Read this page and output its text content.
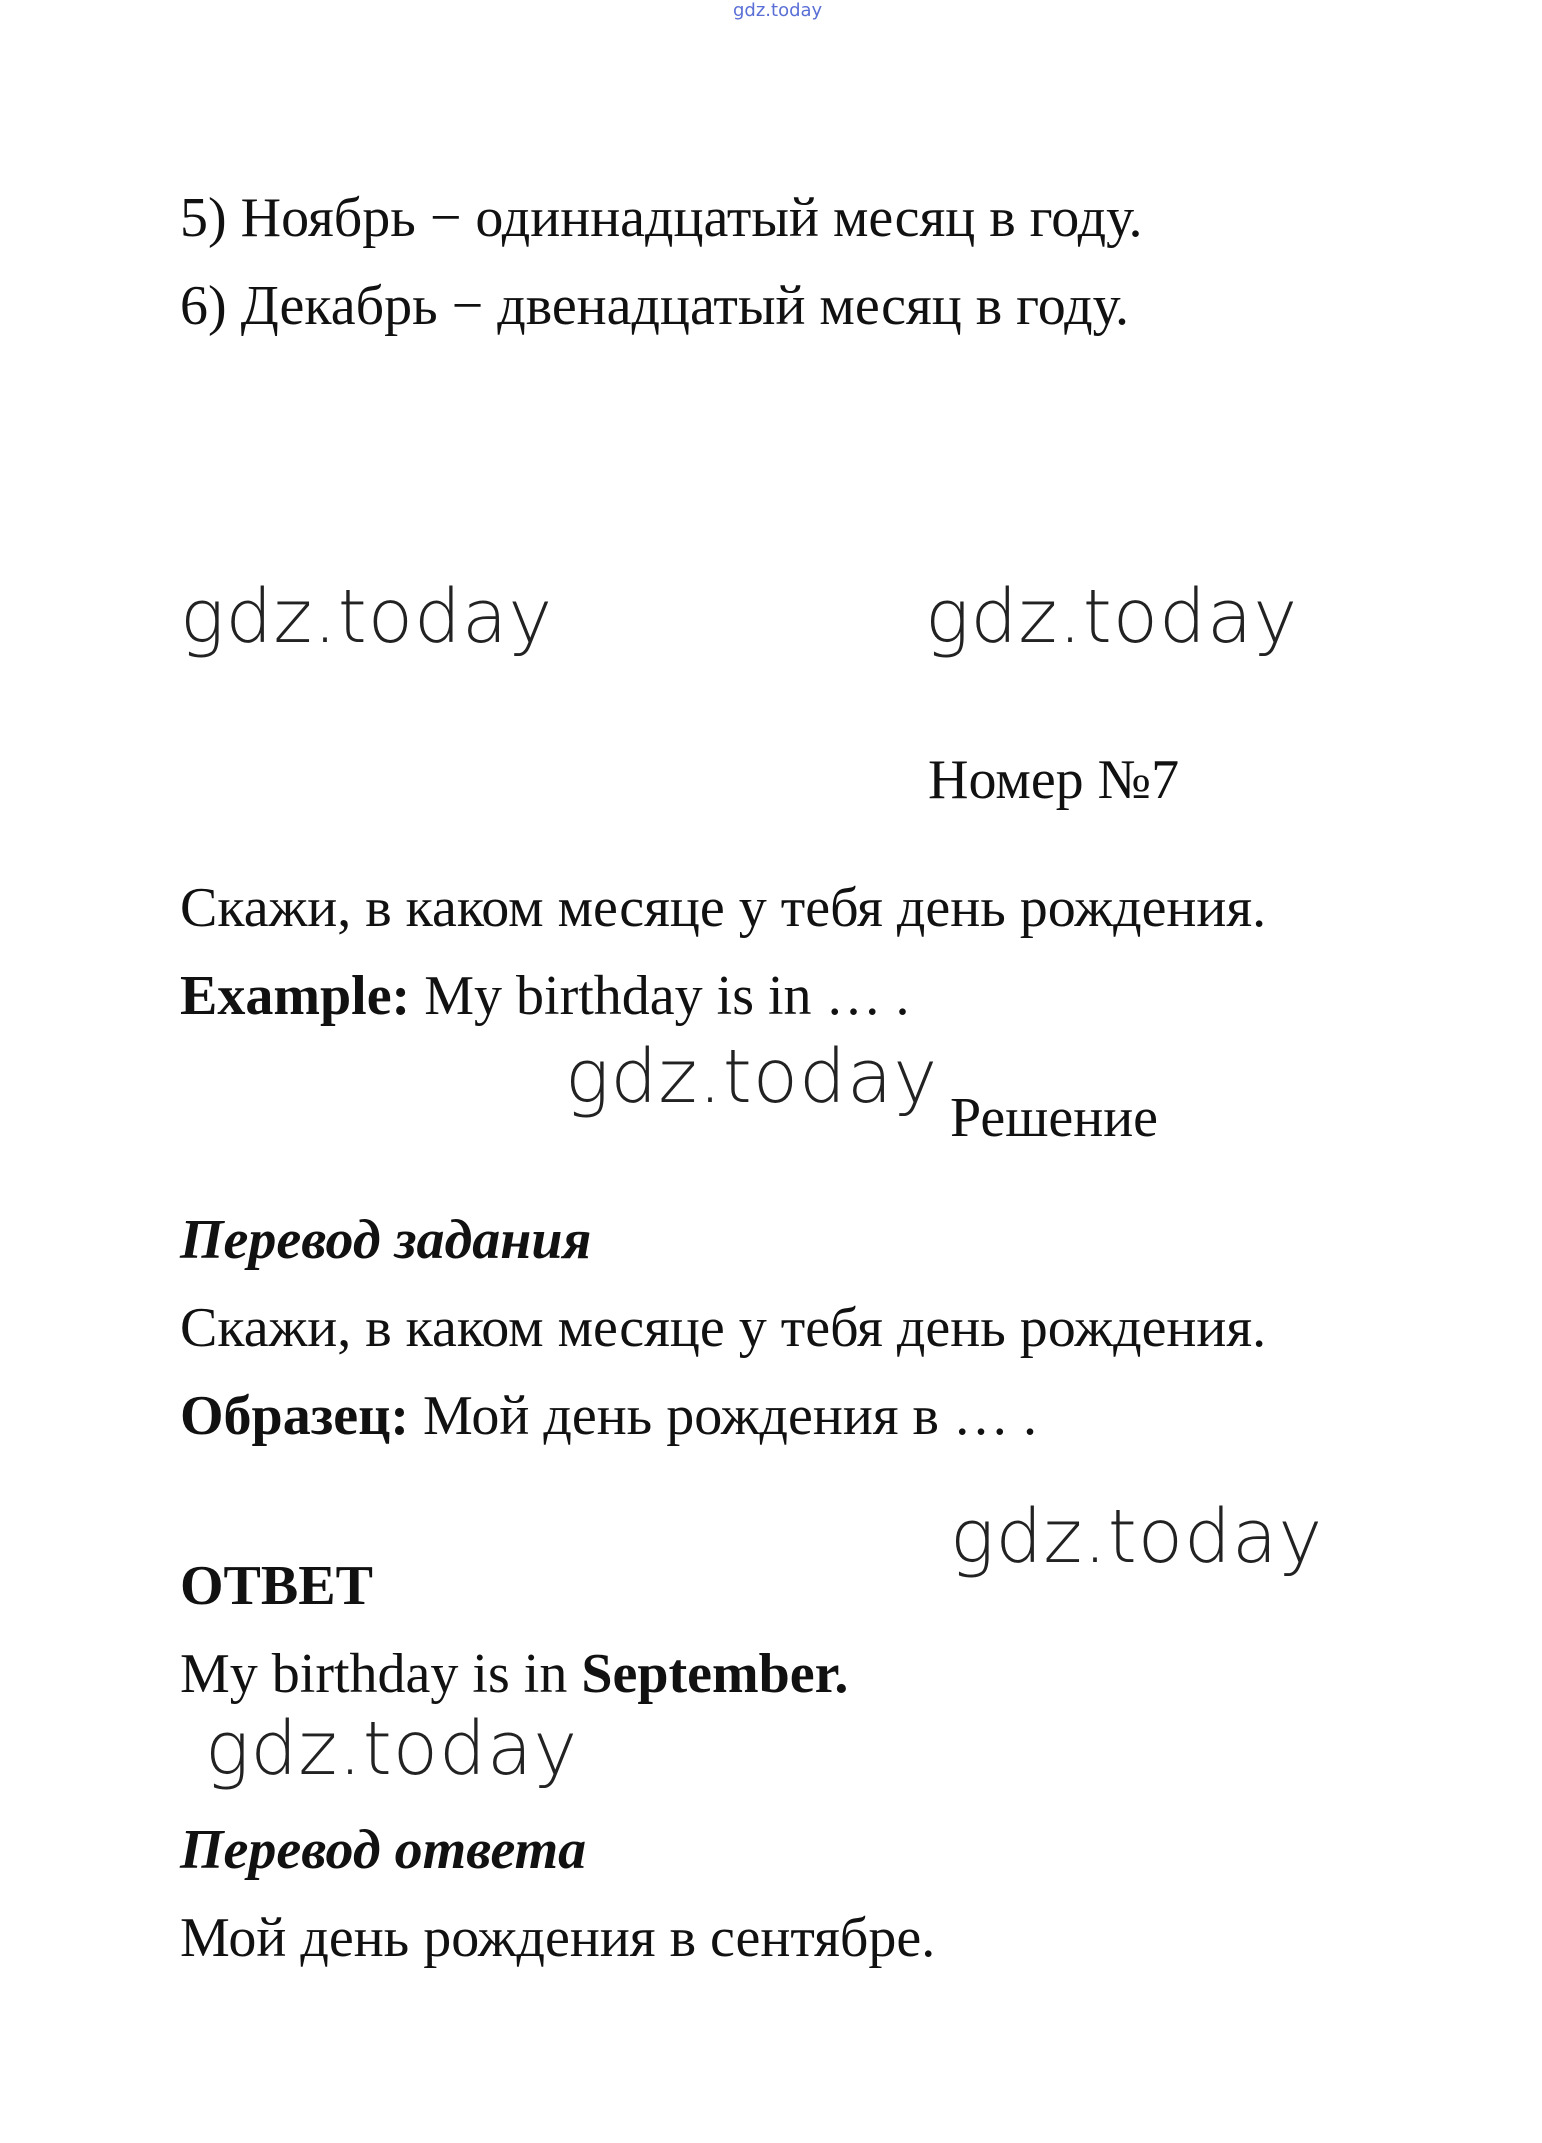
gdz.today
5) Ноябрь − одиннадцатый месяц в году.
6) Декабрь − двенадцатый месяц в году.
gdz.today	gdz.today
Номер №7
Скажи, в каком месяце у тебя день рождения.
Example: My birthday is in … .
gdz.today Решение
Перевод задания
Скажи, в каком месяце у тебя день рождения.
Образец: Мой день рождения в … .
gdz.today
ОТВЕТ
My birthday is in September.
gdz.today
Перевод ответа
Мой день рождения в сентябре.
